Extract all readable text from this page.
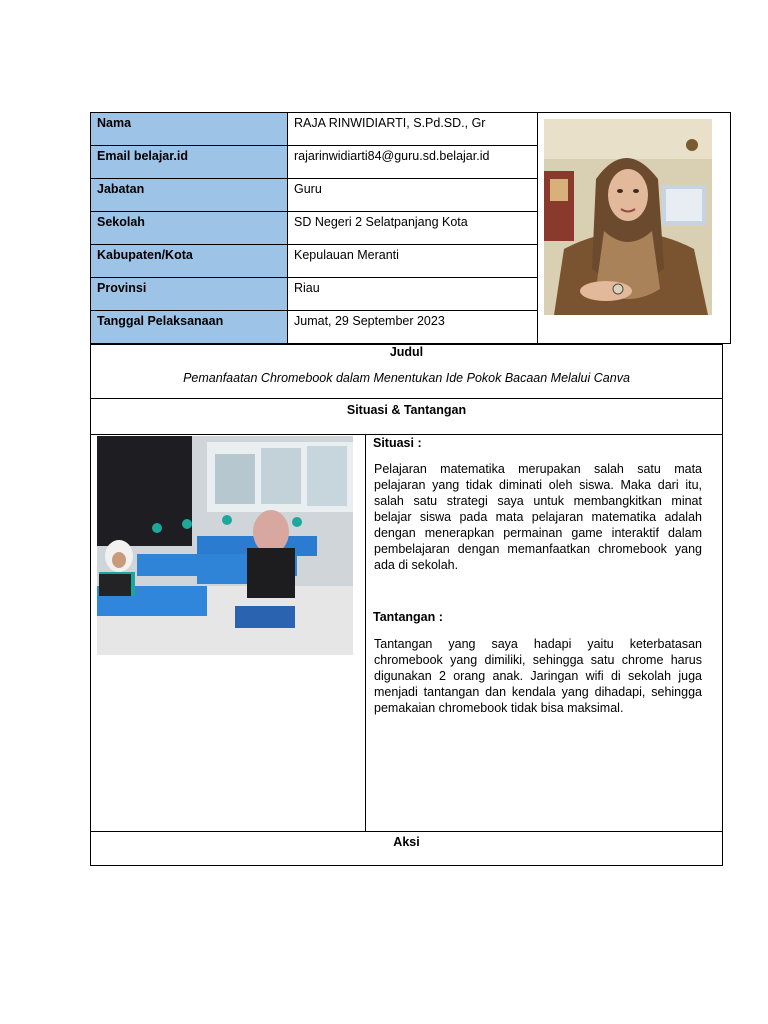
Nama	RAJA RINWIDIARTI, S.Pd.SD., Gr	

Email belajar.id	rajarinwidiarti84@guru.sd.belajar.id	
Jabatan	Guru	
Sekolah	SD Negeri 2 Selatpanjang Kota	
Kabupaten/Kota	Kepulauan Meranti	
Provinsi	Riau	
Tanggal Pelaksanaan	Jumat, 29 September 2023	
Judul
Pemanfaatan Chromebook dalam Menentukan Ide Pokok Bacaan Melalui Canva
Situasi & Tantangan
Situasi :
Pelajaran matematika merupakan salah satu mata pelajaran yang tidak diminati oleh siswa. Maka dari itu, salah satu strategi saya untuk membangkitkan minat belajar siswa pada mata pelajaran matematika adalah dengan menerapkan permainan game interaktif dalam pembelajaran dengan memanfaatkan chromebook yang ada di sekolah.
Tantangan :
Tantangan yang saya hadapi yaitu keterbatasan chromebook yang dimiliki, sehingga satu chrome harus digunakan 2 orang anak. Jaringan wifi di sekolah juga menjadi tantangan dan kendala yang dihadapi, sehingga pemakaian chromebook tidak bisa maksimal.
Aksi
